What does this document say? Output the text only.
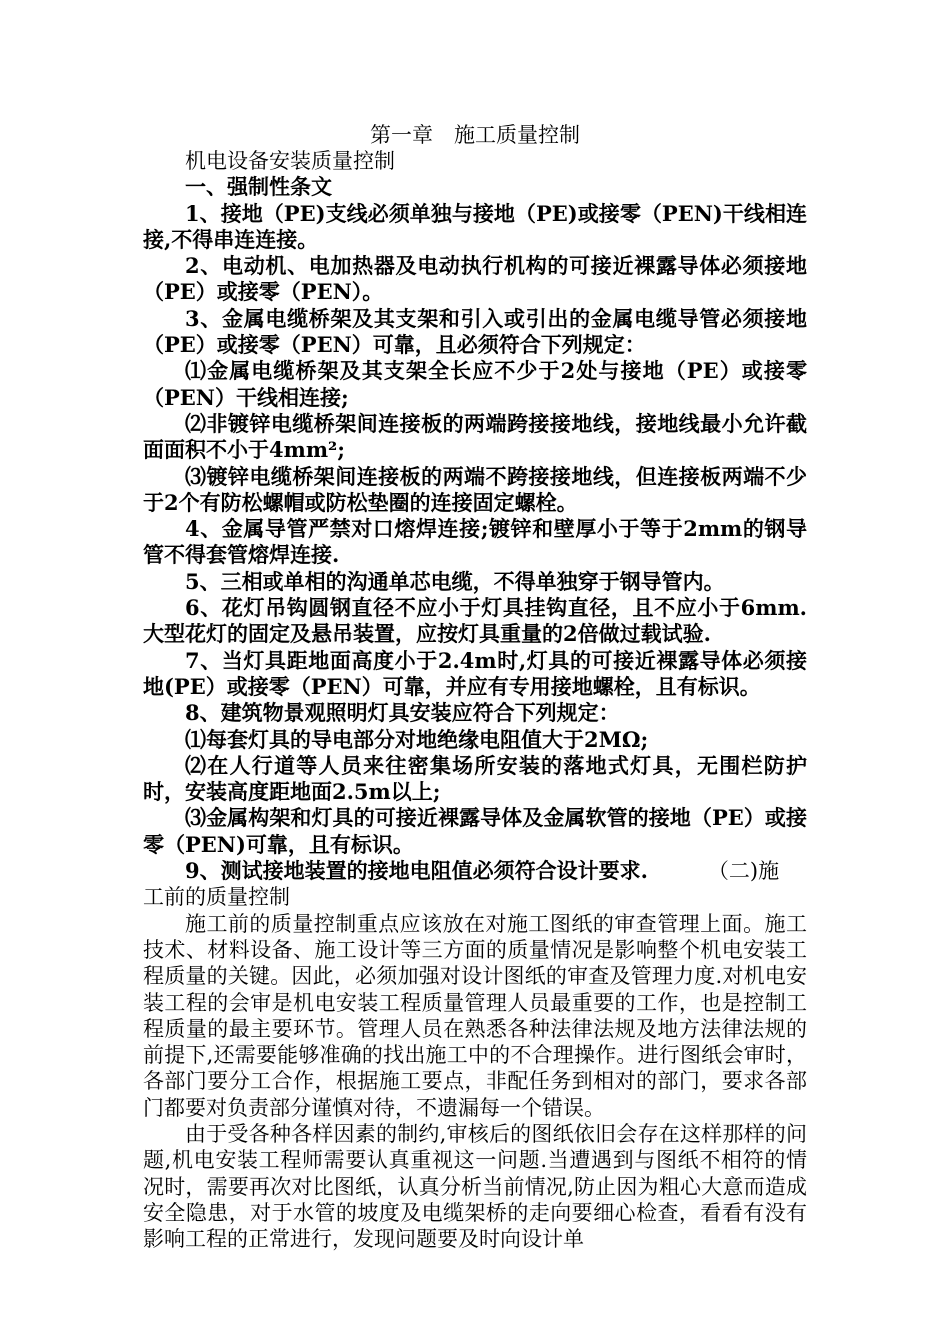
第一章　施工质量控制

机电设备安装质量控制

一、强制性条文

1、接地（PE)支线必须单独与接地（PE)或接零（PEN)干线相连接,不得串连连接。

2、电动机、电加热器及电动执行机构的可接近裸露导体必须接地（PE）或接零（PEN）。

3、金属电缆桥架及其支架和引入或引出的金属电缆导管必须接地（PE）或接零（PEN）可靠，且必须符合下列规定：

⑴金属电缆桥架及其支架全长应不少于2处与接地（PE）或接零（PEN）干线相连接;

⑵非镀锌电缆桥架间连接板的两端跨接接地线，接地线最小允许截面面积不小于4mm²;

⑶镀锌电缆桥架间连接板的两端不跨接接地线，但连接板两端不少于2个有防松螺帽或防松垫圈的连接固定螺栓。

4、金属导管严禁对口熔焊连接;镀锌和壁厚小于等于2mm的钢导管不得套管熔焊连接.

5、三相或单相的沟通单芯电缆，不得单独穿于钢导管内。

6、花灯吊钩圆钢直径不应小于灯具挂钩直径，且不应小于6mm.大型花灯的固定及悬吊装置，应按灯具重量的2倍做过载试验.

7、当灯具距地面高度小于2.4m时,灯具的可接近裸露导体必须接地(PE）或接零（PEN）可靠，并应有专用接地螺栓，且有标识。

8、建筑物景观照明灯具安装应符合下列规定：

⑴每套灯具的导电部分对地绝缘电阻值大于2MΩ;

⑵在人行道等人员来往密集场所安装的落地式灯具，无围栏防护时，安装高度距地面2.5m以上;

⑶金属构架和灯具的可接近裸露导体及金属软管的接地（PE）或接零（PEN)可靠，且有标识。

9、测试接地装置的接地电阻值必须符合设计要求.	（二)施

工前的质量控制

施工前的质量控制重点应该放在对施工图纸的审查管理上面。施工技术、材料设备、施工设计等三方面的质量情况是影响整个机电安装工程质量的关键。因此，必须加强对设计图纸的审查及管理力度.对机电安装工程的会审是机电安装工程质量管理人员最重要的工作，也是控制工程质量的最主要环节。管理人员在熟悉各种法律法规及地方法律法规的前提下,还需要能够准确的找出施工中的不合理操作。进行图纸会审时，各部门要分工合作，根据施工要点，非配任务到相对的部门，要求各部门都要对负责部分谨慎对待，不遗漏每一个错误。

由于受各种各样因素的制约,审核后的图纸依旧会存在这样那样的问题,机电安装工程师需要认真重视这一问题.当遭遇到与图纸不相符的情况时，需要再次对比图纸，认真分析当前情况,防止因为粗心大意而造成安全隐患，对于水管的坡度及电缆架桥的走向要细心检查，看看有没有影响工程的正常进行，发现问题要及时向设计单
